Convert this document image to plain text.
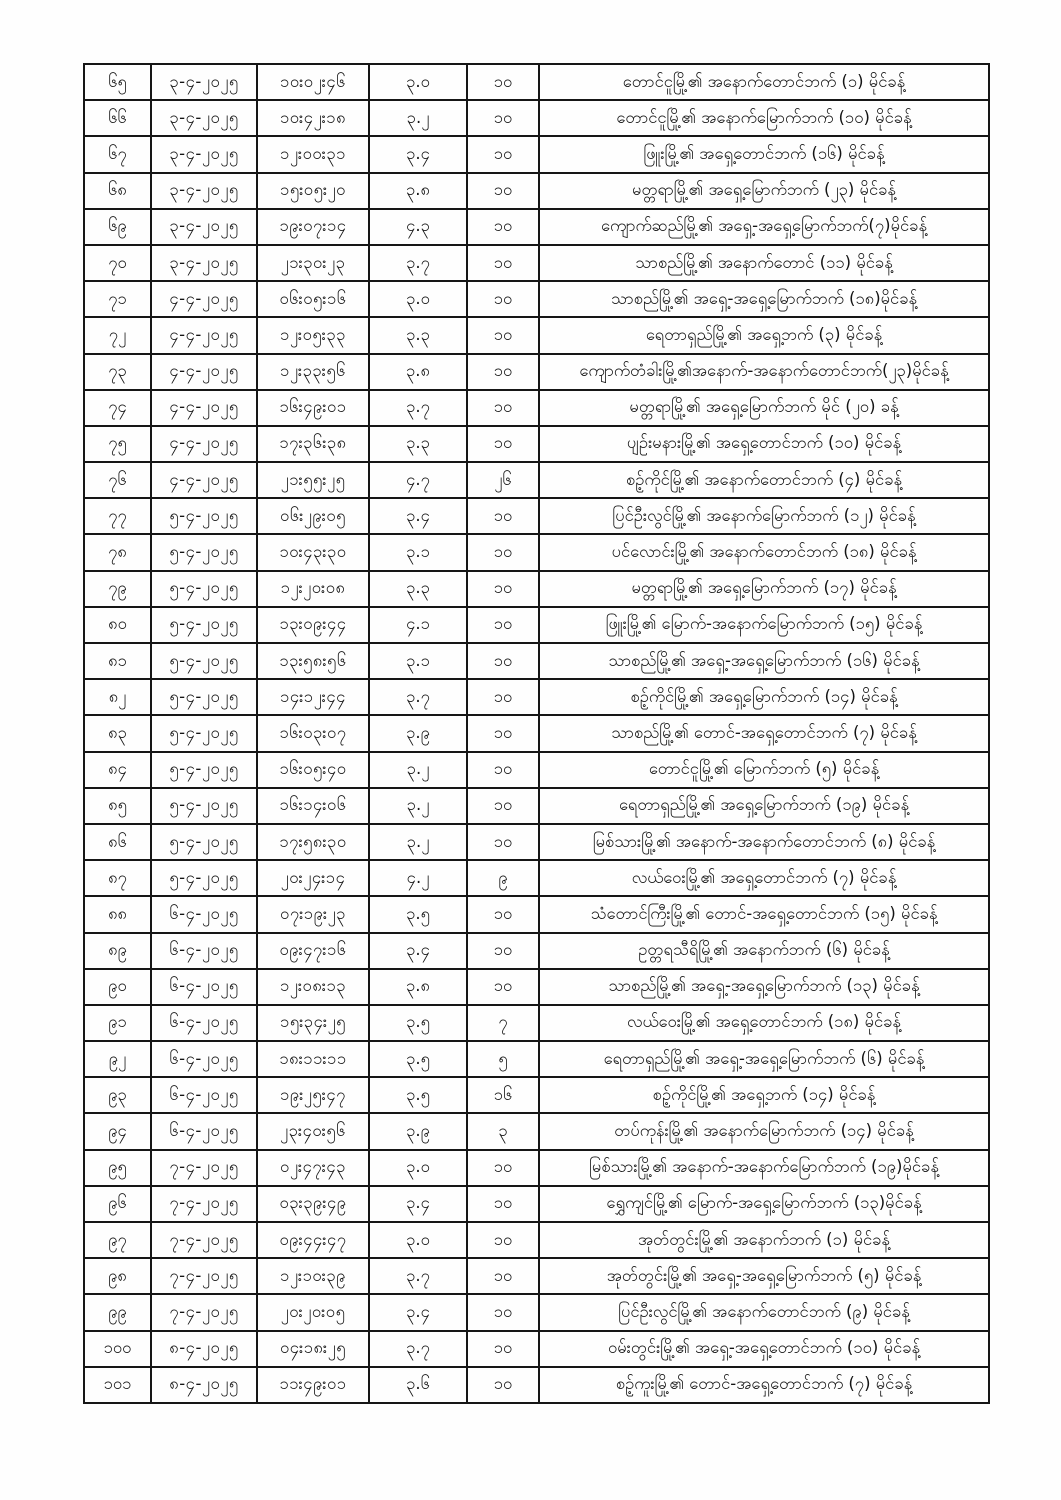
၆၅	၃-၄-၂၀၂၅	၁၀း၀၂း၄၆	၃.၀	၁၀	တောင်ငူမြို့၏ အနောက်တောင်ဘက် (၁) မိုင်ခန့်
၆၆	၃-၄-၂၀၂၅	၁၀း၄၂း၁၈	၃.၂	၁၀	တောင်ငူမြို့၏ အနောက်မြောက်ဘက် (၁၀) မိုင်ခန့်
၆၇	၃-၄-၂၀၂၅	၁၂း၀၀း၃၁	၃.၄	၁၀	ဖြူးမြို့၏ အရှေ့တောင်ဘက် (၁၆) မိုင်ခန့်
၆၈	၃-၄-၂၀၂၅	၁၅း၀၅း၂၀	၃.၈	၁၀	မတ္တရာမြို့၏ အရှေ့မြောက်ဘက် (၂၃) မိုင်ခန့်
၆၉	၃-၄-၂၀၂၅	၁၉း၀၇း၁၄	၄.၃	၁၀	ကျောက်ဆည်မြို့၏ အရှေ့-အရှေ့မြောက်ဘက်(၇)မိုင်ခန့်
၇၀	၃-၄-၂၀၂၅	၂၁း၃၀း၂၃	၃.၇	၁၀	သာစည်မြို့၏ အနောက်တောင် (၁၁) မိုင်ခန့်
၇၁	၄-၄-၂၀၂၅	၀၆း၀၅း၁၆	၃.၀	၁၀	သာစည်မြို့၏ အရှေ့-အရှေ့မြောက်ဘက် (၁၈)မိုင်ခန့်
၇၂	၄-၄-၂၀၂၅	၁၂း၀၅း၃၃	၃.၃	၁၀	ရေတာရှည်မြို့၏ အရှေ့ဘက် (၃) မိုင်ခန့်
၇၃	၄-၄-၂၀၂၅	၁၂း၃၃း၅၆	၃.၈	၁၀	ကျောက်တံခါးမြို့၏အနောက်-အနောက်တောင်ဘက်(၂၃)မိုင်ခန့်
၇၄	၄-၄-၂၀၂၅	၁၆း၄၉း၀၁	၃.၇	၁၀	မတ္တရာမြို့၏ အရှေ့မြောက်ဘက် မိုင် (၂၀) ခန့်
၇၅	၄-၄-၂၀၂၅	၁၇း၃၆း၃၈	၃.၃	၁၀	ပျဉ်းမနားမြို့၏ အရှေ့တောင်ဘက် (၁၀) မိုင်ခန့်
၇၆	၄-၄-၂၀၂၅	၂၁း၅၅း၂၅	၄.၇	၂၆	စဉ့်ကိုင်မြို့၏ အနောက်တောင်ဘက် (၄) မိုင်ခန့်
၇၇	၅-၄-၂၀၂၅	၀၆း၂၉း၀၅	၃.၄	၁၀	ပြင်ဦးလွင်မြို့၏ အနောက်မြောက်ဘက် (၁၂) မိုင်ခန့်
၇၈	၅-၄-၂၀၂၅	၁၀း၄၃း၃၀	၃.၁	၁၀	ပင်လောင်းမြို့၏ အနောက်တောင်ဘက် (၁၈) မိုင်ခန့်
၇၉	၅-၄-၂၀၂၅	၁၂း၂၀း၀၈	၃.၃	၁၀	မတ္တရာမြို့၏ အရှေ့မြောက်ဘက် (၁၇) မိုင်ခန့်
၈၀	၅-၄-၂၀၂၅	၁၃း၀၉း၄၄	၄.၁	၁၀	ဖြူးမြို့၏ မြောက်-အနောက်မြောက်ဘက် (၁၅) မိုင်ခန့်
၈၁	၅-၄-၂၀၂၅	၁၃း၅၈း၅၆	၃.၁	၁၀	သာစည်မြို့၏ အရှေ့-အရှေ့မြောက်ဘက် (၁၆) မိုင်ခန့်
၈၂	၅-၄-၂၀၂၅	၁၄း၁၂း၄၄	၃.၇	၁၀	စဉ့်ကိုင်မြို့၏ အရှေ့မြောက်ဘက် (၁၄) မိုင်ခန့်
၈၃	၅-၄-၂၀၂၅	၁၆း၀၃း၀၇	၃.၉	၁၀	သာစည်မြို့၏ တောင်-အရှေ့တောင်ဘက် (၇) မိုင်ခန့်
၈၄	၅-၄-၂၀၂၅	၁၆း၀၅း၄၀	၃.၂	၁၀	တောင်ငူမြို့၏ မြောက်ဘက် (၅) မိုင်ခန့်
၈၅	၅-၄-၂၀၂၅	၁၆း၁၄း၀၆	၃.၂	၁၀	ရေတာရှည်မြို့၏ အရှေ့မြောက်ဘက် (၁၉) မိုင်ခန့်
၈၆	၅-၄-၂၀၂၅	၁၇း၅၈း၃၀	၃.၂	၁၀	မြစ်သားမြို့၏ အနောက်-အနောက်တောင်ဘက် (၈) မိုင်ခန့်
၈၇	၅-၄-၂၀၂၅	၂၀း၂၄း၁၄	၄.၂	၉	လယ်ဝေးမြို့၏ အရှေ့တောင်ဘက် (၇) မိုင်ခန့်
၈၈	၆-၄-၂၀၂၅	၀၇း၁၉း၂၃	၃.၅	၁၀	သံတောင်ကြီးမြို့၏ တောင်-အရှေ့တောင်ဘက် (၁၅) မိုင်ခန့်
၈၉	၆-၄-၂၀၂၅	၀၉း၄၇း၁၆	၃.၄	၁၀	ဥတ္တရသီရိမြို့၏ အနောက်ဘက် (၆) မိုင်ခန့်
၉၀	၆-၄-၂၀၂၅	၁၂း၀၈း၁၃	၃.၈	၁၀	သာစည်မြို့၏ အရှေ့-အရှေ့မြောက်ဘက် (၁၃) မိုင်ခန့်
၉၁	၆-၄-၂၀၂၅	၁၅း၃၄း၂၅	၃.၅	၇	လယ်ဝေးမြို့၏ အရှေ့တောင်ဘက် (၁၈) မိုင်ခန့်
၉၂	၆-၄-၂၀၂၅	၁၈း၁၁း၁၁	၃.၅	၅	ရေတာရှည်မြို့၏ အရှေ့-အရှေ့မြောက်ဘက် (၆) မိုင်ခန့်
၉၃	၆-၄-၂၀၂၅	၁၉း၂၅း၄၇	၃.၅	၁၆	စဉ့်ကိုင်မြို့၏ အရှေ့ဘက် (၁၄) မိုင်ခန့်
၉၄	၆-၄-၂၀၂၅	၂၃း၄၀း၅၆	၃.၉	၃	တပ်ကုန်းမြို့၏ အနောက်မြောက်ဘက် (၁၄) မိုင်ခန့်
၉၅	၇-၄-၂၀၂၅	၀၂း၄၇း၄၃	၃.၀	၁၀	မြစ်သားမြို့၏ အနောက်-အနောက်မြောက်ဘက် (၁၉)မိုင်ခန့်
၉၆	၇-၄-၂၀၂၅	၀၃း၃၉း၄၉	၃.၄	၁၀	ရွှေကျင်မြို့၏ မြောက်-အရှေ့မြောက်ဘက် (၁၃)မိုင်ခန့်
၉၇	၇-၄-၂၀၂၅	၀၉း၄၄း၄၇	၃.၀	၁၀	အုတ်တွင်းမြို့၏ အနောက်ဘက် (၁) မိုင်ခန့်
၉၈	၇-၄-၂၀၂၅	၁၂း၁၀း၃၉	၃.၇	၁၀	အုတ်တွင်းမြို့၏ အရှေ့-အရှေ့မြောက်ဘက် (၅) မိုင်ခန့်
၉၉	၇-၄-၂၀၂၅	၂၀း၂၀း၀၅	၃.၄	၁၀	ပြင်ဦးလွင်မြို့၏ အနောက်တောင်ဘက် (၉) မိုင်ခန့်
၁၀၀	၈-၄-၂၀၂၅	၀၄း၁၈း၂၅	၃.၇	၁၀	ဝမ်းတွင်းမြို့၏ အရှေ့-အရှေ့တောင်ဘက် (၁၀) မိုင်ခန့်
၁၀၁	၈-၄-၂၀၂၅	၁၁း၄၉း၀၁	၃.၆	၁၀	စဉ့်ကူးမြို့၏ တောင်-အရှေ့တောင်ဘက် (၇) မိုင်ခန့်
